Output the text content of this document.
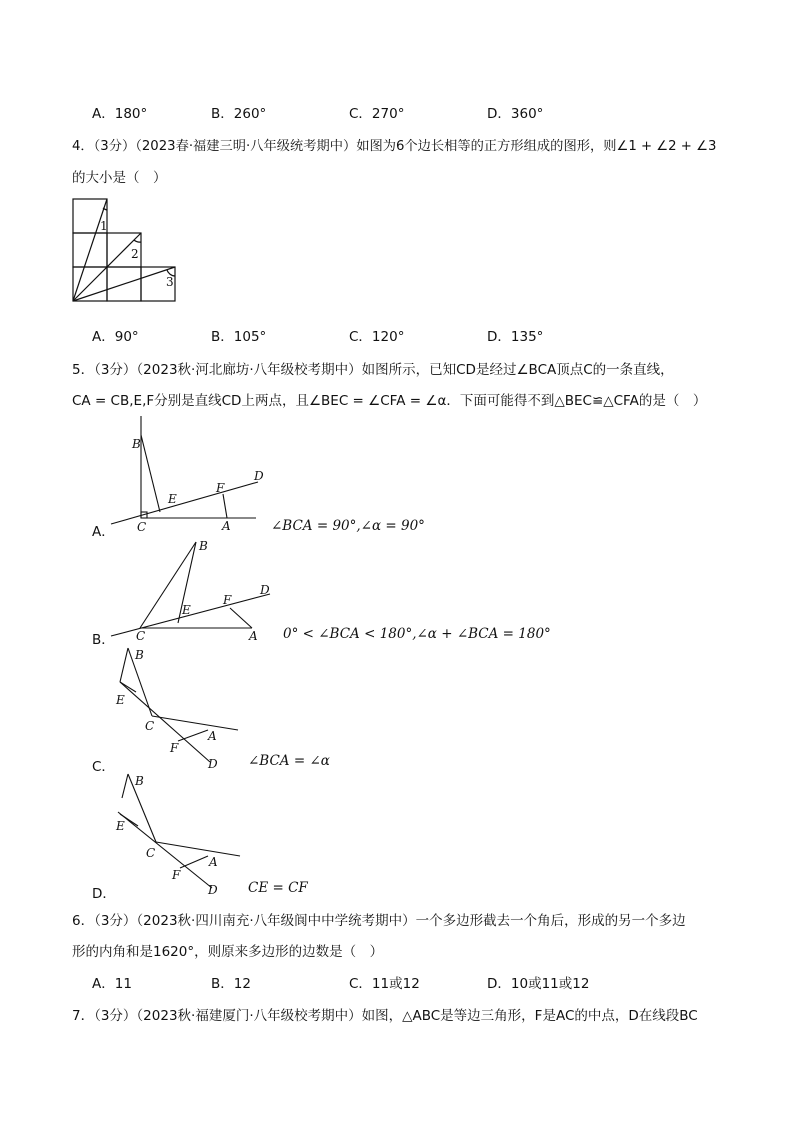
A．180°	B．260°	C．270°	D．360°
4．（3分）（2023春·福建三明·八年级统考期中）如图为6个边长相等的正方形组成的图形，则∠1 + ∠2 + ∠3
的大小是（　）
1
2
3
A．90°	B．105°	C．120°	D．135°
5．（3分）（2023秋·河北廊坊·八年级校考期中）如图所示，已知CD是经过∠BCA顶点C的一条直线，
CA = CB,E,F分别是直线CD上两点，且∠BEC = ∠CFA = ∠α．下面可能得不到△BEC≌△CFA的是（　）
B
E
F
D
C	A
A．	∠BCA = 90°,∠α = 90°
B
E
F
D
C	A
B．	0° < ∠BCA < 180°,∠α + ∠BCA = 180°
B
E
C
A
F
D
C．	∠BCA = ∠α
B
E
C
A
F
D
D．	CE = CF
6．（3分）（2023秋·四川南充·八年级阆中中学统考期中）一个多边形截去一个角后，形成的另一个多边
形的内角和是1620°，则原来多边形的边数是（　）
A．11	B．12	C．11或12	D．10或11或12
7．（3分）（2023秋·福建厦门·八年级校考期中）如图，△ABC是等边三角形，F是AC的中点，D在线段BC
